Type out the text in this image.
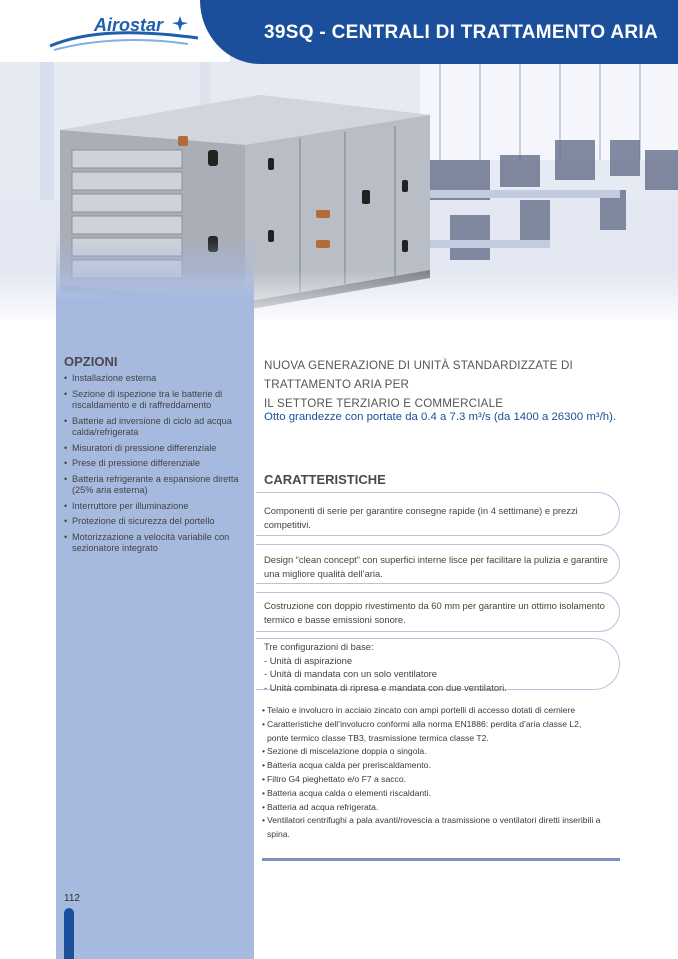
Airostar	39SQ - CENTRALI DI TRATTAMENTO ARIA
OPZIONI
• Installazione esterna
• Sezione di ispezione tra le batterie di riscaldamento e di raffreddamento
• Batterie ad inversione di ciclo ad acqua calda/refrigerata
• Misuratori di pressione differenziale
• Prese di pressione differenziale
• Batteria refrigerante a espansione diretta (25% aria esterna)
• Interruttore per illuminazione
• Protezione di sicurezza del portello
• Motorizzazione a velocità variabile con sezionatore integrato
112
NUOVA GENERAZIONE DI UNITÀ STANDARDIZZATE DI TRATTAMENTO ARIA PER
IL SETTORE TERZIARIO E COMMERCIALE
Otto grandezze con portate da 0.4 a 7.3 m³/s (da 1400 a 26300 m³/h).
CARATTERISTICHE
Componenti di serie per garantire consegne rapide (in 4 settimane) e prezzi competitivi.
Design “clean concept” con superfici interne lisce per facilitare la pulizia e garantire una migliore qualità dell’aria.
Costruzione con doppio rivestimento da 60 mm per garantire un ottimo isolamento termico e basse emissioni sonore.
Tre configurazioni di base:
- Unità di aspirazione
- Unità di mandata con un solo ventilatore
- Unità combinata di ripresa e mandata con due ventilatori.
• Telaio e involucro in acciaio zincato con ampi portelli di accesso dotati di cerniere
• Caratteristiche dell’involucro conformi alla norma EN1886: perdita d’aria classe L2, ponte termico classe TB3, trasmissione termica classe T2.
• Sezione di miscelazione doppia o singola.
• Batteria acqua calda per preriscaldamento.
• Filtro G4 pieghettato e/o F7 a sacco.
• Batteria acqua calda o elementi riscaldanti.
• Batteria ad acqua refrigerata.
• Ventilatori centrifughi a pala avanti/rovescia a trasmissione o ventilatori diretti inseribili a spina.
